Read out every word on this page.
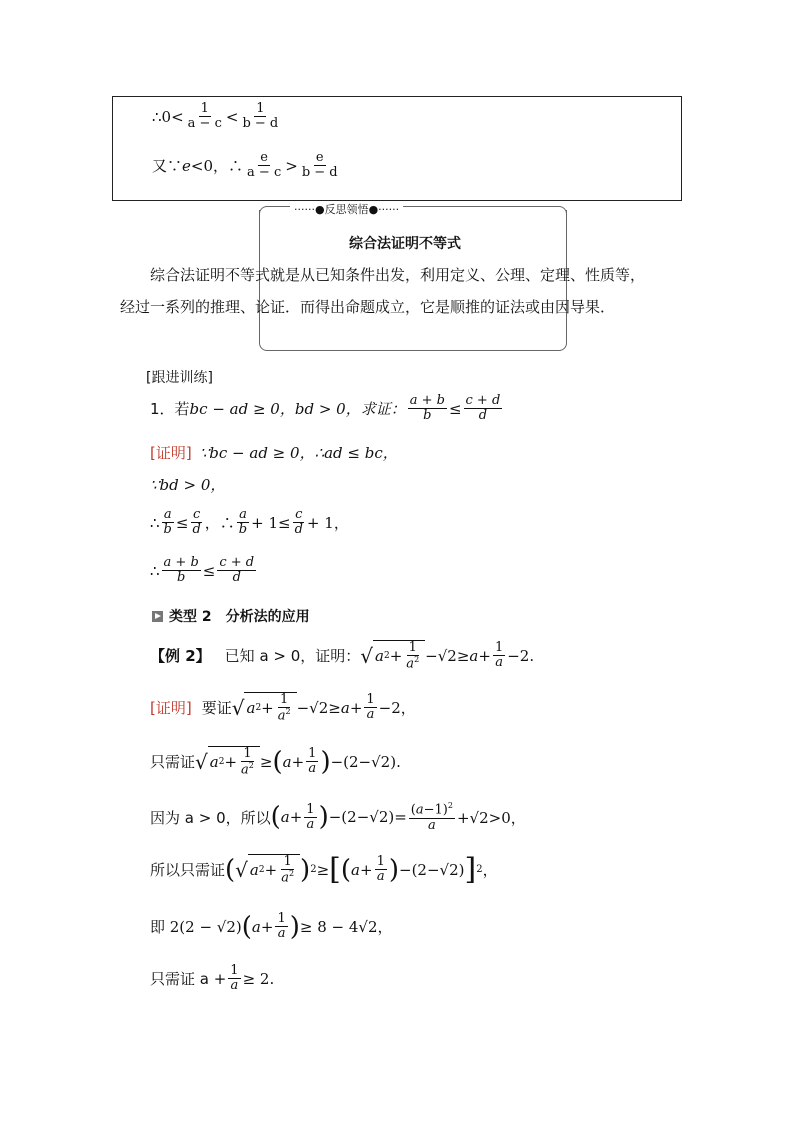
∴0< $\frac{1}{a - c} < \frac{1}{b - d}$
又∵ e <0，∴ $\frac{e}{a - c} > \frac{e}{b - d}$
······●反思领悟●······
综合法证明不等式
综合法证明不等式就是从已知条件出发，利用定义、公理、定理、性质等，
经过一系列的推理、论证．而得出命题成立，它是顺推的证法或由因导果．
[跟进训练]
1．若 bc − ad ≥ 0，bd > 0，求证： $\frac{a + b}{b} \le \frac{c + d}{d}$
[证明] ∵bc − ad ≥ 0，∴ad ≤ bc，
∵bd > 0，
∴ $\frac{a}{b} \le \frac{c}{d}$ ，∴ $\frac{a}{b} + 1 \le \frac{c}{d} + 1$ ，
∴ $\frac{a + b}{b} \le \frac{c + d}{d}$
类型 2　分析法的应用
【例 2】 已知 a > 0，证明： √ a $2 + \frac{1}{a^2} -√2\ge a+ \frac{1}{a} -2$.
[证明] 要证 √ a $2 + \frac{1}{a^2} -√2\ge a+ \frac{1}{a} -2$，
只需证 √ a $2 + \frac{1}{a^2}$ ≥ ( $a + \frac{1}{a}$ ) −(2−√2).
因为 a > 0，所以 ( $a + \frac{1}{a}$ ) $-(2-√2)= \frac{(a-1)^2}{a} +√2>0$，
所以只需证 ( √ a $2 + \frac{1}{a^2}$ ) 2 ≥ [ ( $a + \frac{1}{a}$ ) −(2−√2) ] 2 ，
即 2(2 − √2) ( $a + \frac{1}{a}$ ) ≥ 8 − 4√2，
只需证 $a + \frac{1}{a} \ge 2$.
